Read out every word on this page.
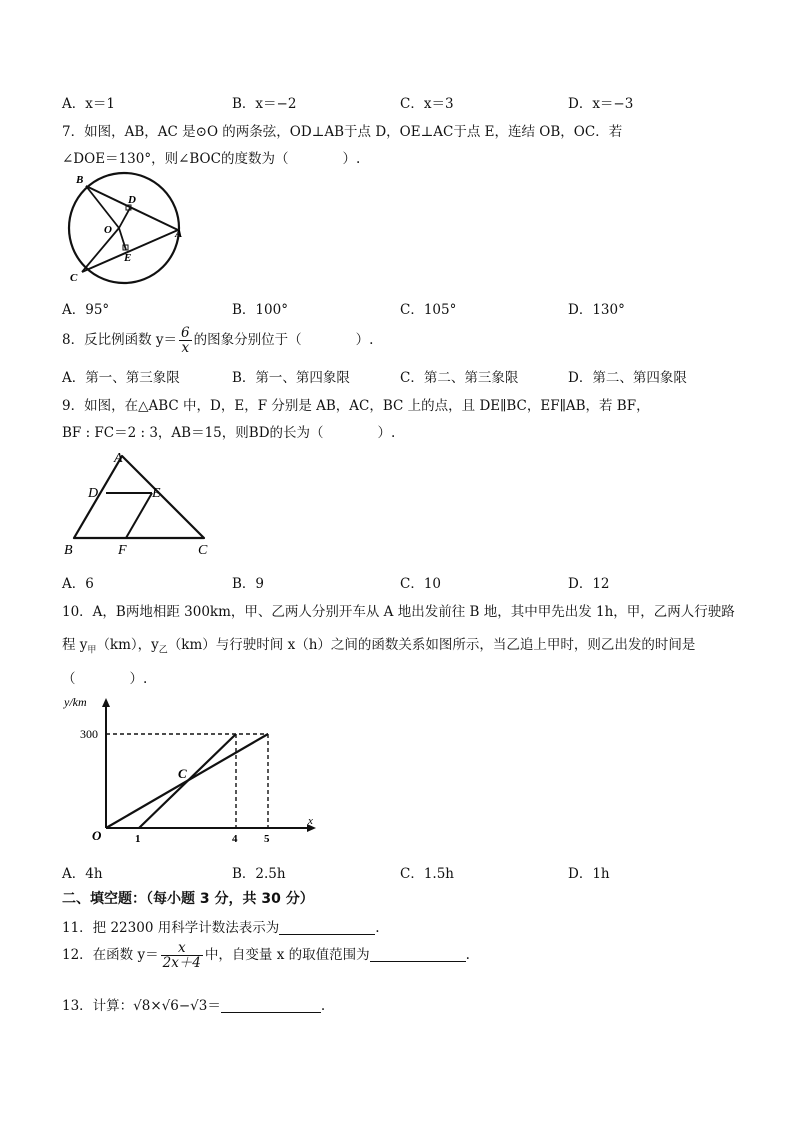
A．x＝1	B．x＝−2	C．x＝3	D．x＝−3
7．如图，AB，AC 是⊙O 的两条弦，OD⊥AB于点 D，OE⊥AC于点 E，连结 OB，OC．若
∠DOE＝130°，则∠BOC的度数为（　　　　）.
B
D
O	A
E
C
A．95°	B．100°	C．105°	D．130°
8．反比例函数 $y= \frac{6}{x}$ 的图象分别位于（　　　　）.
A．第一、第三象限	B．第一、第四象限	C．第二、第三象限	D．第二、第四象限
9．如图，在△ABC 中，D，E，F 分别是 AB，AC，BC 上的点，且 DE∥BC，EF∥AB，若 BF，
BF : FC＝2 : 3，AB＝15，则BD的长为（　　　　）.
A
D	E
B	F	C
A．6	B．9	C．10	D．12
10．A，B两地相距 300km，甲、乙两人分别开车从 A 地出发前往 B 地，其中甲先出发 1h，甲，乙两人行驶路
程 $y_甲(km)$，$y_乙(km)$与行驶时间 x（h）之间的函数关系如图所示，当乙追上甲时，则乙出发的时间是
（　　　　）.
y/km
300
O	1	4 5
x
C
A．4h	B．2.5h	C．1.5h	D．1h
二、填空题：（每小题 3 分，共 30 分）
11．把 22300 用科学计数法表示为	.
12．在函数 $y= \frac{x}{2x+4}$ 中，自变量 x 的取值范围为	.
13．计算：√8×√6−√3＝	.
